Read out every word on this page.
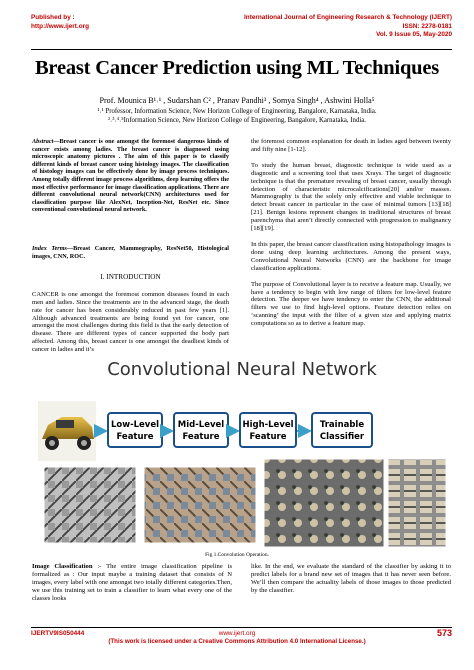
Published by :
http://www.ijert.org
International Journal of Engineering Research & Technology (IJERT)
ISSN: 2278-0181
Vol. 9 Issue 05, May-2020
Breast Cancer Prediction using ML Techniques
Prof. Mounica B¹˒¹ , Sudarshan C² , Pranav Pandhi³ , Somya Singh⁴ , Ashwini Holla⁵
¹˒¹ Professor, Information Science, New Horizon College of Engineering, Bangalore, Karnataka, India.
²˒³˒⁴˒⁵Information Science, New Horizon College of Engineering, Bangalore, Karnataka, India.
Abstract—Breast cancer is one amongst the foremost dangerous kinds of cancer exists among ladies. The breast cancer is diagnosed using microscopic anatomy pictures . The aim of this paper is to classify different kinds of breast cancer using histology images. The classification of histology images can be effectively done by image process techniques. Among totally different image process algorithms, deep learning offers the most effective performance for image classification applications. There are different convolutional neural network(CNN) architectures used for classification purpose like AlexNet, Inception-Net, ResNet etc. Since conventional convolutional neural network.
Index Terms—Breast Cancer, Mammography, ResNet50, Histological images, CNN, ROC.
I. INTRODUCTION
CANCER is one amongst the foremost common diseases found in each men and ladies. Since the treatments are in the advanced stage, the death rate for cancer has been considerably reduced in past few years [1]. Although advanced treatments are being found yet for cancer, one amongst the most challenges during this field is that the early detection of disease. There are different types of cancer supported the body part affected. Among this, breast cancer is one amongst the deadliest kinds of cancer in ladies and it’s

the foremost common explanation for death in ladies aged between twenty and fifty nine [1-12].

To study the human breast, diagnostic technique is wide used as a diagnostic and a screening tool that uses Xrays. The target of diagnostic technique is that the premature revealing of breast cancer, usually through detection of characteristic microcalcifications[20] and/or masses. Mammography is that the solely only effective and viable technique to detect breast cancer in particular in the case of minimal tumors [13][18][21]. Benign lesions represent changes in traditional structures of breast parenchyma that aren’t directly connected with progression to malignancy [18][19].

In this paper, the breast cancer classification using histopathology images is done using deep learning architectures. Among the present ways, Convolutional Neural Networks (CNN) are the backbone for image classification applications.

The purpose of Convolutional layer is to receive a feature map. Usually, we have a tendency to begin with low range of filters for low-level feature detection. The deeper we have tendency to enter the CNN, the additional filters we use to find high-level options. Feature detection relies on ‘scanning’ the input with the filter of a given size and applying matrix computations so as to derive a feature map.

Convolutional Neural Network
Low-Level
Feature
Mid-Level
Feature
High-Level
Feature
Trainable
Classifier
Fig 1.Convolution Operation.
Image Classification :- The entire image classification pipeline is formalized as : Our input maybe a training dataset that consists of N images, every label with one amongst two totally different categories.Then, we use this training set to train a classifier to learn what every one of the classes looks
like. In the end, we evaluate the standard of the classifier by asking it to predict labels for a brand new set of images that it has never seen before. We’ll then compare the actuality labels of those images to those predicted by the classifier.
IJERTV9IS050444	www.ijert.org
(This work is licensed under a Creative Commons Attribution 4.0 International License.)
573
